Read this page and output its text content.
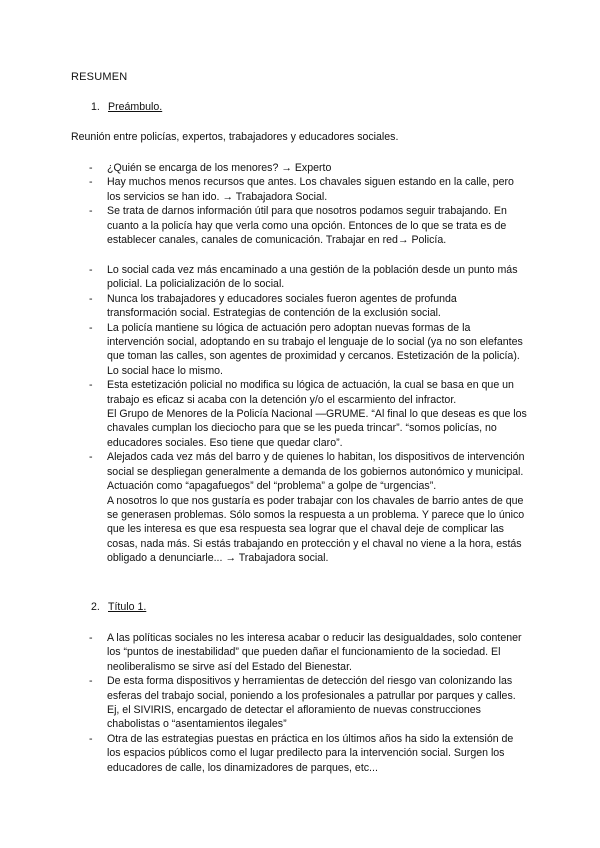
RESUMEN
1. Preámbulo.
Reunión entre policías, expertos, trabajadores y educadores sociales.
- ¿Quién se encarga de los menores? → Experto
- Hay muchos menos recursos que antes. Los chavales siguen estando en la calle, pero los servicios se han ido. → Trabajadora Social.
- Se trata de darnos información útil para que nosotros podamos seguir trabajando. En cuanto a la policía hay que verla como una opción. Entonces de lo que se trata es de establecer canales, canales de comunicación. Trabajar en red→ Policía.
- Lo social cada vez más encaminado a una gestión de la población desde un punto más policial. La policialización de lo social.
- Nunca los trabajadores y educadores sociales fueron agentes de profunda transformación social. Estrategias de contención de la exclusión social.
- La policía mantiene su lógica de actuación pero adoptan nuevas formas de la intervención social, adoptando en su trabajo el lenguaje de lo social (ya no son elefantes que toman las calles, son agentes de proximidad y cercanos. Estetización de la policía). Lo social hace lo mismo.
- Esta estetización policial no modifica su lógica de actuación, la cual se basa en que un trabajo es eficaz si acaba con la detención y/o el escarmiento del infractor.
El Grupo de Menores de la Policía Nacional —GRUME. “Al final lo que deseas es que los chavales cumplan los dieciocho para que se les pueda trincar”. “somos policías, no educadores sociales. Eso tiene que quedar claro”.
- Alejados cada vez más del barro y de quienes lo habitan, los dispositivos de intervención social se despliegan generalmente a demanda de los gobiernos autonómico y municipal. Actuación como “apagafuegos” del “problema” a golpe de “urgencias”.
A nosotros lo que nos gustaría es poder trabajar con los chavales de barrio antes de que se generasen problemas. Sólo somos la respuesta a un problema. Y parece que lo único que les interesa es que esa respuesta sea lograr que el chaval deje de complicar las cosas, nada más. Si estás trabajando en protección y el chaval no viene a la hora, estás obligado a denunciarle... → Trabajadora social.
2. Título 1.
- A las políticas sociales no les interesa acabar o reducir las desigualdades, solo contener los “puntos de inestabilidad” que pueden dañar el funcionamiento de la sociedad. El neoliberalismo se sirve así del Estado del Bienestar.
- De esta forma dispositivos y herramientas de detección del riesgo van colonizando las esferas del trabajo social, poniendo a los profesionales a patrullar por parques y calles. Ej, el SIVIRIS, encargado de detectar el afloramiento de nuevas construcciones chabolistas o “asentamientos ilegales”
- Otra de las estrategias puestas en práctica en los últimos años ha sido la extensión de los espacios públicos como el lugar predilecto para la intervención social. Surgen los educadores de calle, los dinamizadores de parques, etc...
